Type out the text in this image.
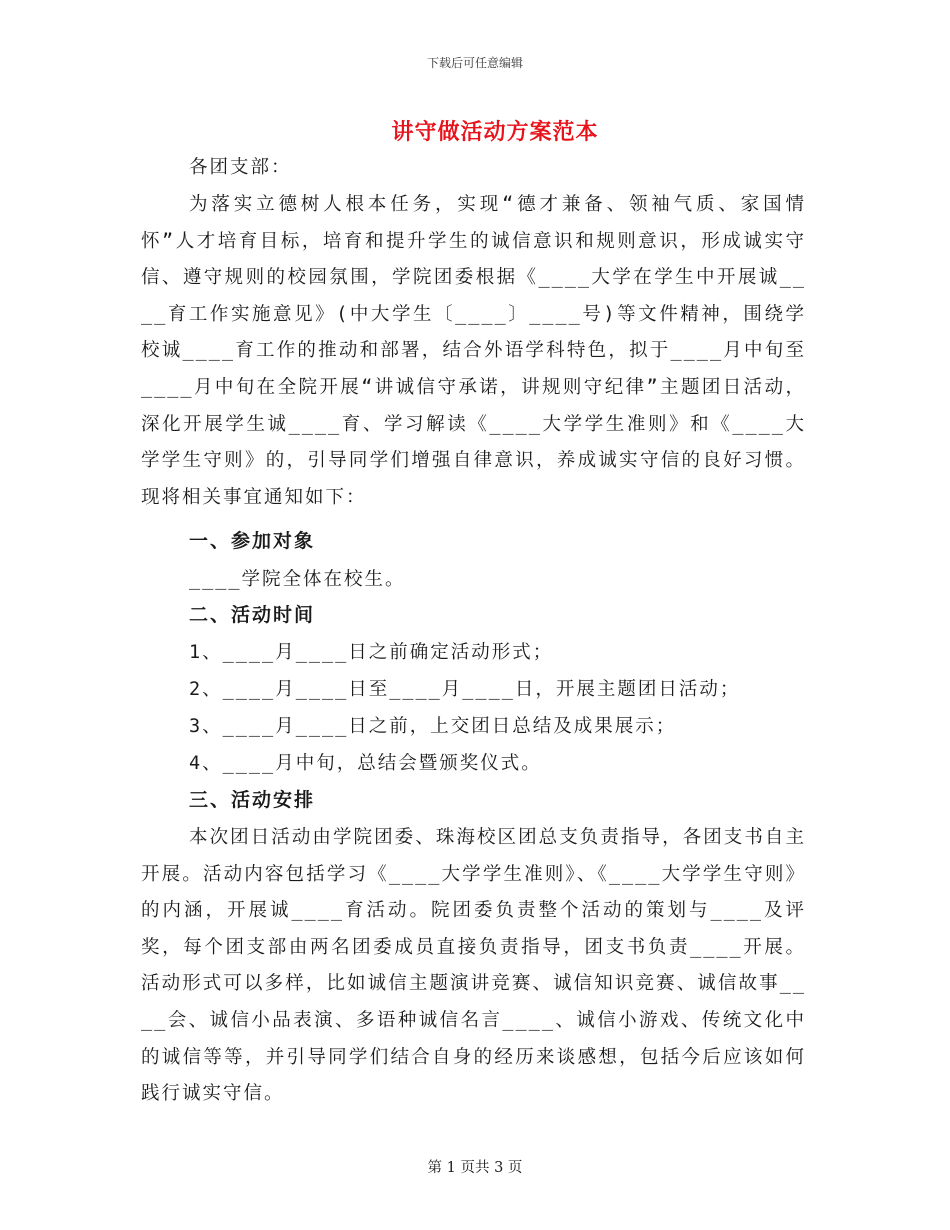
下载后可任意编辑
讲守做活动方案范本
各团支部：
为落实立德树人根本任务，实现“德才兼备、领袖气质、家国情怀”人才培育目标，培育和提升学生的诚信意识和规则意识，形成诚实守信、遵守规则的校园氛围，学院团委根据《____大学在学生中开展诚____育工作实施意见》(中大学生〔____〕____号)等文件精神，围绕学校诚____育工作的推动和部署，结合外语学科特色，拟于____月中旬至____月中旬在全院开展“讲诚信守承诺，讲规则守纪律”主题团日活动，深化开展学生诚____育、学习解读《____大学学生准则》和《____大学学生守则》的，引导同学们增强自律意识，养成诚实守信的良好习惯。现将相关事宜通知如下：
一、参加对象
____学院全体在校生。
二、活动时间
1、____月____日之前确定活动形式；
2、____月____日至____月____日，开展主题团日活动；
3、____月____日之前，上交团日总结及成果展示；
4、____月中旬，总结会暨颁奖仪式。
三、活动安排
本次团日活动由学院团委、珠海校区团总支负责指导，各团支书自主开展。活动内容包括学习《____大学学生准则》、《____大学学生守则》的内涵，开展诚____育活动。院团委负责整个活动的策划与____及评奖，每个团支部由两名团委成员直接负责指导，团支书负责____开展。活动形式可以多样，比如诚信主题演讲竞赛、诚信知识竞赛、诚信故事____会、诚信小品表演、多语种诚信名言____、诚信小游戏、传统文化中的诚信等等，并引导同学们结合自身的经历来谈感想，包括今后应该如何践行诚实守信。
第 1 页共 3 页
